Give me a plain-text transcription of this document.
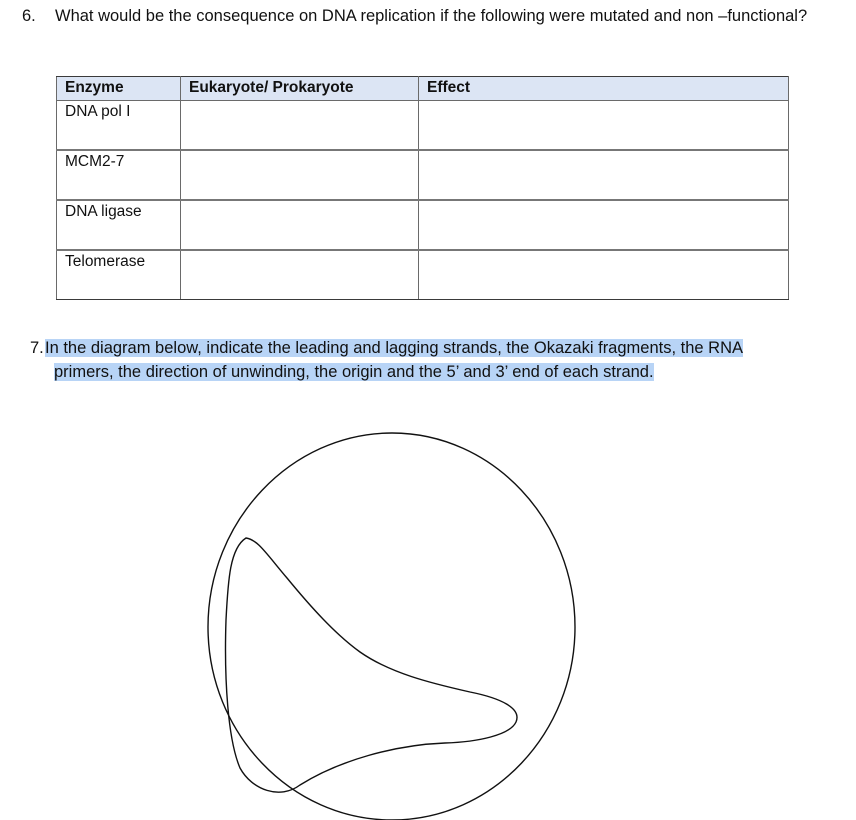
6. What would be the consequence on DNA replication if the following were mutated and non –functional?
Enzyme	Eukaryote/ Prokaryote	Effect
DNA pol I		
MCM2-7		
DNA ligase		
Telomerase		
7. In the diagram below, indicate the leading and lagging strands, the Okazaki fragments, the RNA
primers, the direction of unwinding, the origin and the 5’ and 3’ end of each strand.
